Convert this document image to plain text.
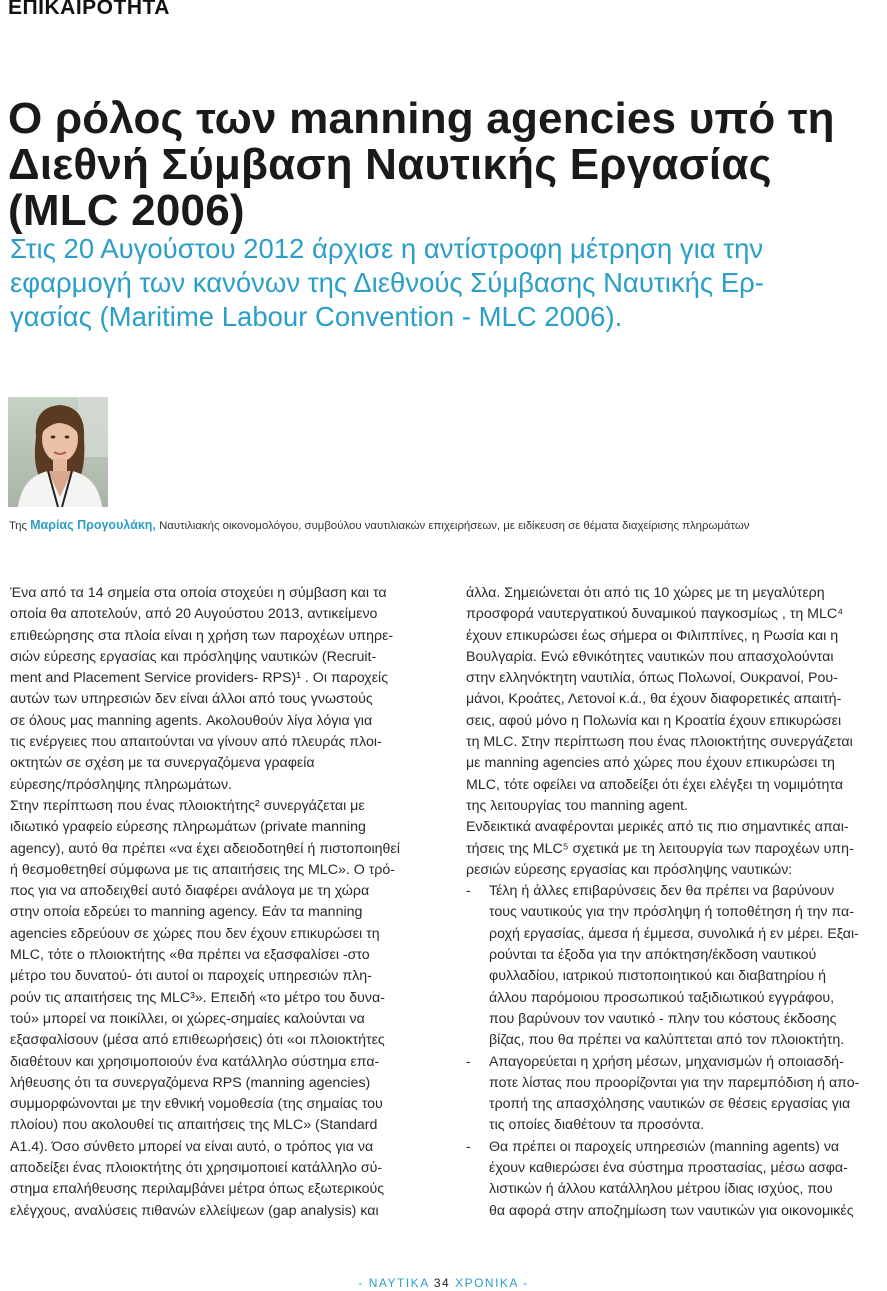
ΕΠΙΚΑΙΡΟΤΗΤΑ
Ο ρόλος των manning agencies υπό τη
Διεθνή Σύμβαση Ναυτικής Εργασίας
(MLC 2006)
Στις 20 Αυγούστου 2012 άρχισε η αντίστροφη μέτρηση για την
εφαρμογή των κανόνων της Διεθνούς Σύμβασης Ναυτικής Ερ-
γασίας (Maritime Labour Convention - MLC 2006).
Της Μαρίας Προγουλάκη, Ναυτιλιακής οικονομολόγου, συμβούλου ναυτιλιακών επιχειρήσεων, με ειδίκευση σε θέματα διαχείρισης πληρωμάτων
Ένα από τα 14 σημεία στα οποία στοχεύει η σύμβαση και τα
οποία θα αποτελούν, από 20 Αυγούστου 2013, αντικείμενο
επιθεώρησης στα πλοία είναι η χρήση των παροχέων υπηρε-
σιών εύρεσης εργασίας και πρόσληψης ναυτικών (Recruit-
ment and Placement Service providers- RPS)¹ . Οι παροχείς
αυτών των υπηρεσιών δεν είναι άλλοι από τους γνωστούς
σε όλους μας manning agents. Ακολουθούν λίγα λόγια για
τις ενέργειες που απαιτούνται να γίνουν από πλευράς πλοι-
οκτητών σε σχέση με τα συνεργαζόμενα γραφεία
εύρεσης/πρόσληψης πληρωμάτων.
Στην περίπτωση που ένας πλοιοκτήτης² συνεργάζεται με
ιδιωτικό γραφείο εύρεσης πληρωμάτων (private manning
agency), αυτό θα πρέπει «να έχει αδειοδοτηθεί ή πιστοποιηθεί
ή θεσμοθετηθεί σύμφωνα με τις απαιτήσεις της MLC». Ο τρό-
πος για να αποδειχθεί αυτό διαφέρει ανάλογα με τη χώρα
στην οποία εδρεύει το manning agency. Εάν τα manning
agencies εδρεύουν σε χώρες που δεν έχουν επικυρώσει τη
MLC, τότε ο πλοιοκτήτης «θα πρέπει να εξασφαλίσει -στο
μέτρο του δυνατού- ότι αυτοί οι παροχείς υπηρεσιών πλη-
ρούν τις απαιτήσεις της MLC³». Επειδή «το μέτρο του δυνα-
τού» μπορεί να ποικίλλει, οι χώρες-σημαίες καλούνται να
εξασφαλίσουν (μέσα από επιθεωρήσεις) ότι «οι πλοιοκτήτες
διαθέτουν και χρησιμοποιούν ένα κατάλληλο σύστημα επα-
λήθευσης ότι τα συνεργαζόμενα RPS (manning agencies)
συμμορφώνονται με την εθνική νομοθεσία (της σημαίας του
πλοίου) που ακολουθεί τις απαιτήσεις της MLC» (Standard
A1.4). Όσο σύνθετο μπορεί να είναι αυτό, ο τρόπος για να
αποδείξει ένας πλοιοκτήτης ότι χρησιμοποιεί κατάλληλο σύ-
στημα επαλήθευσης περιλαμβάνει μέτρα όπως εξωτερικούς
ελέγχους, αναλύσεις πιθανών ελλείψεων (gap analysis) και
άλλα. Σημειώνεται ότι από τις 10 χώρες με τη μεγαλύτερη
προσφορά ναυτεργατικού δυναμικού παγκοσμίως , τη MLC⁴
έχουν επικυρώσει έως σήμερα οι Φιλιππίνες, η Ρωσία και η
Βουλγαρία. Ενώ εθνικότητες ναυτικών που απασχολούνται
στην ελληνόκτητη ναυτιλία, όπως Πολωνοί, Ουκρανοί, Ρου-
μάνοι, Κροάτες, Λετονοί κ.ά., θα έχουν διαφορετικές απαιτή-
σεις, αφού μόνο η Πολωνία και η Κροατία έχουν επικυρώσει
τη MLC. Στην περίπτωση που ένας πλοιοκτήτης συνεργάζεται
με manning agencies από χώρες που έχουν επικυρώσει τη
MLC, τότε οφείλει να αποδείξει ότι έχει ελέγξει τη νομιμότητα
της λειτουργίας του manning agent.
Ενδεικτικά αναφέρονται μερικές από τις πιο σημαντικές απαι-
τήσεις της MLC⁵ σχετικά με τη λειτουργία των παροχέων υπη-
ρεσιών εύρεσης εργασίας και πρόσληψης ναυτικών:
-	Τέλη ή άλλες επιβαρύνσεις δεν θα πρέπει να βαρύνουν
τους ναυτικούς για την πρόσληψη ή τοποθέτηση ή την πα-
ροχή εργασίας, άμεσα ή έμμεσα, συνολικά ή εν μέρει. Εξαι-
ρούνται τα έξοδα για την απόκτηση/έκδοση ναυτικού
φυλλαδίου, ιατρικού πιστοποιητικού και διαβατηρίου ή
άλλου παρόμοιου προσωπικού ταξιδιωτικού εγγράφου,
που βαρύνουν τον ναυτικό - πλην του κόστους έκδοσης
βίζας, που θα πρέπει να καλύπτεται από τον πλοιοκτήτη.
-	Απαγορεύεται η χρήση μέσων, μηχανισμών ή οποιασδή-
ποτε λίστας που προορίζονται για την παρεμπόδιση ή απο-
τροπή της απασχόλησης ναυτικών σε θέσεις εργασίας για
τις οποίες διαθέτουν τα προσόντα.
-	Θα πρέπει οι παροχείς υπηρεσιών (manning agents) να
έχουν καθιερώσει ένα σύστημα προστασίας, μέσω ασφα-
λιστικών ή άλλου κατάλληλου μέτρου ίδιας ισχύος, που
θα αφορά στην αποζημίωση των ναυτικών για οικονομικές
- ΝΑΥΤΙΚΑ 34 ΧΡΟΝΙΚΑ -
